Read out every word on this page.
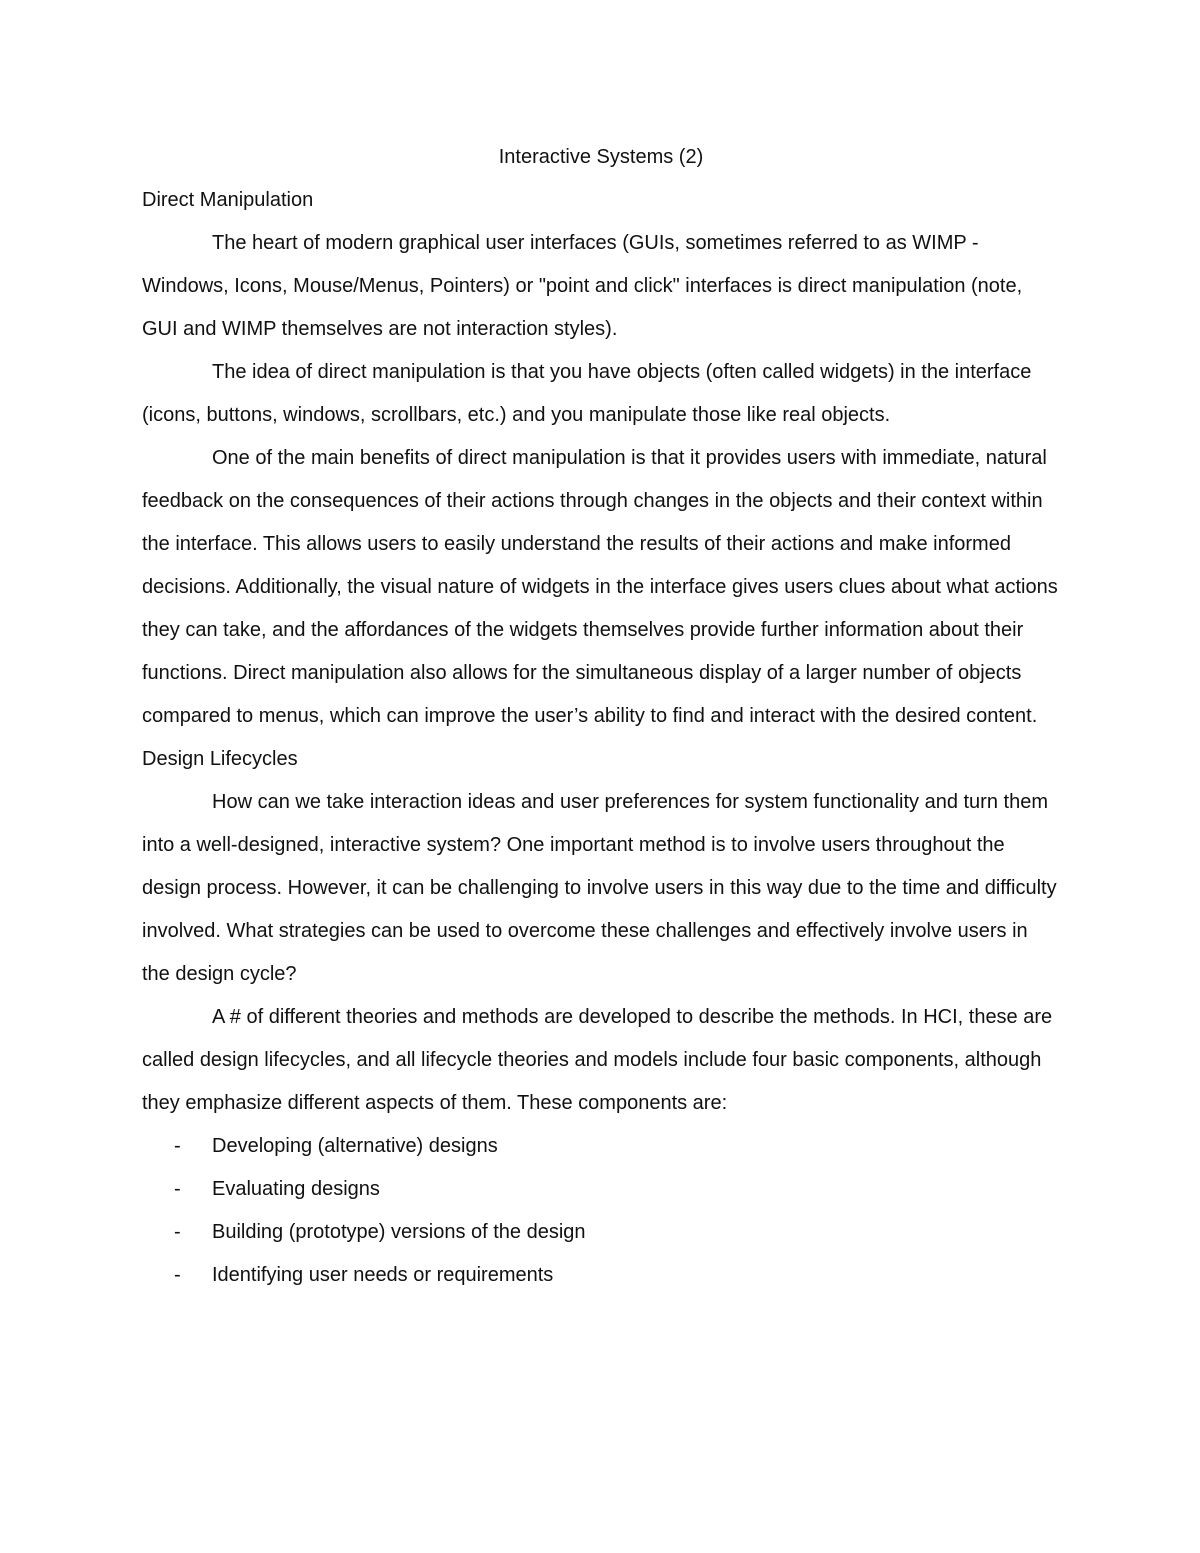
Interactive Systems (2)
Direct Manipulation

The heart of modern graphical user interfaces (GUIs, sometimes referred to as WIMP - Windows, Icons, Mouse/Menus, Pointers) or "point and click" interfaces is direct manipulation (note, GUI and WIMP themselves are not interaction styles).

The idea of direct manipulation is that you have objects (often called widgets) in the interface (icons, buttons, windows, scrollbars, etc.) and you manipulate those like real objects.

One of the main benefits of direct manipulation is that it provides users with immediate, natural feedback on the consequences of their actions through changes in the objects and their context within the interface. This allows users to easily understand the results of their actions and make informed decisions. Additionally, the visual nature of widgets in the interface gives users clues about what actions they can take, and the affordances of the widgets themselves provide further information about their functions. Direct manipulation also allows for the simultaneous display of a larger number of objects compared to menus, which can improve the user’s ability to find and interact with the desired content.

Design Lifecycles

How can we take interaction ideas and user preferences for system functionality and turn them into a well-designed, interactive system? One important method is to involve users throughout the design process. However, it can be challenging to involve users in this way due to the time and difficulty involved. What strategies can be used to overcome these challenges and effectively involve users in the design cycle?

A # of different theories and methods are developed to describe the methods. In HCI, these are called design lifecycles, and all lifecycle theories and models include four basic components, although they emphasize different aspects of them. These components are:

- Developing (alternative) designs
- Evaluating designs
- Building (prototype) versions of the design
- Identifying user needs or requirements
